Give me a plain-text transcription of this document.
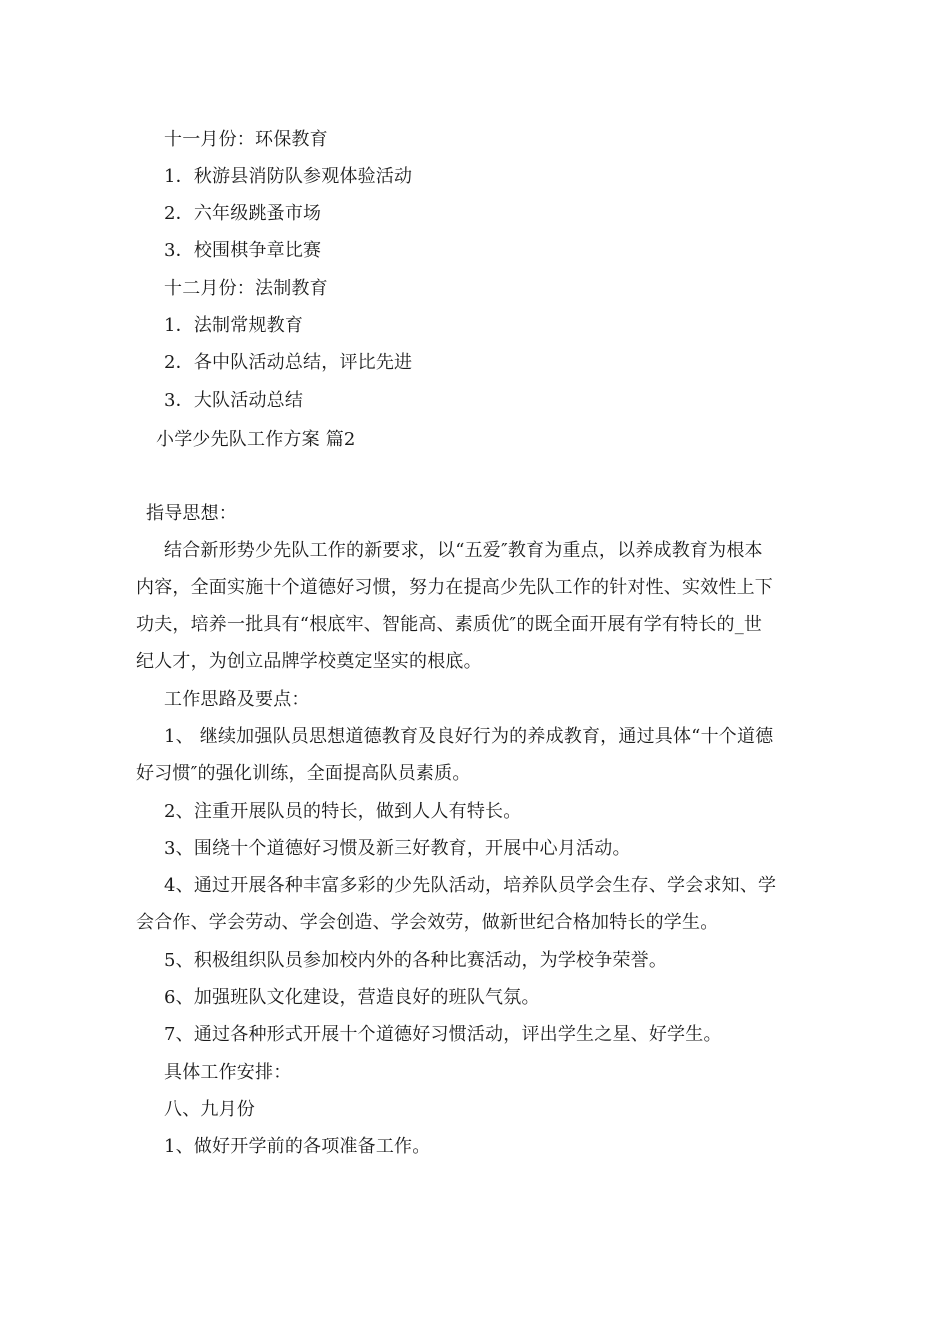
十一月份：环保教育
1．秋游县消防队参观体验活动
2．六年级跳蚤市场
3．校围棋争章比赛
十二月份：法制教育
1．法制常规教育
2．各中队活动总结，评比先进
3．大队活动总结
小学少先队工作方案 篇2
指导思想：
结合新形势少先队工作的新要求，以“五爱″教育为重点，以养成教育为根本
内容，全面实施十个道德好习惯，努力在提高少先队工作的针对性、实效性上下
功夫，培养一批具有“根底牢、智能高、素质优″的既全面开展有学有特长的_世
纪人才，为创立品牌学校奠定坚实的根底。
工作思路及要点：
1、 继续加强队员思想道德教育及良好行为的养成教育，通过具体“十个道德
好习惯″的强化训练，全面提高队员素质。
2、注重开展队员的特长，做到人人有特长。
3、围绕十个道德好习惯及新三好教育，开展中心月活动。
4、通过开展各种丰富多彩的少先队活动，培养队员学会生存、学会求知、学
会合作、学会劳动、学会创造、学会效劳，做新世纪合格加特长的学生。
5、积极组织队员参加校内外的各种比赛活动，为学校争荣誉。
6、加强班队文化建设，营造良好的班队气氛。
7、通过各种形式开展十个道德好习惯活动，评出学生之星、好学生。
具体工作安排：
八、九月份
1、做好开学前的各项准备工作。
